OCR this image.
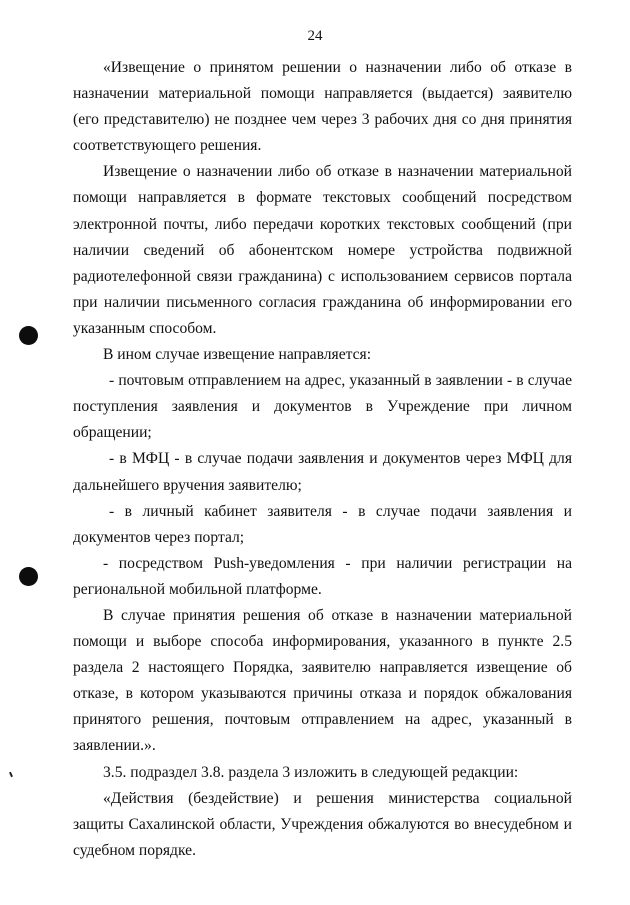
24

«Извещение о принятом решении о назначении либо об отказе в назначении материальной помощи направляется (выдается) заявителю (его представителю) не позднее чем через 3 рабочих дня со дня принятия соответствующего решения.

Извещение о назначении либо об отказе в назначении материальной помощи направляется в формате текстовых сообщений посредством электронной почты, либо передачи коротких текстовых сообщений (при наличии сведений об абонентском номере устройства подвижной радиотелефонной связи гражданина) с использованием сервисов портала при наличии письменного согласия гражданина об информировании его указанным способом.

В ином случае извещение направляется:

- почтовым отправлением на адрес, указанный в заявлении - в случае поступления заявления и документов в Учреждение при личном обращении;

- в МФЦ - в случае подачи заявления и документов через МФЦ для дальнейшего вручения заявителю;

- в личный кабинет заявителя - в случае подачи заявления и документов через портал;

- посредством Push-уведомления - при наличии регистрации на региональной мобильной платформе.

В случае принятия решения об отказе в назначении материальной помощи и выборе способа информирования, указанного в пункте 2.5 раздела 2 настоящего Порядка, заявителю направляется извещение об отказе, в котором указываются причины отказа и порядок обжалования принятого решения, почтовым отправлением на адрес, указанный в заявлении.».

3.5. подраздел 3.8. раздела 3 изложить в следующей редакции:

«Действия (бездействие) и решения министерства социальной защиты Сахалинской области, Учреждения обжалуются во внесудебном и судебном порядке.
